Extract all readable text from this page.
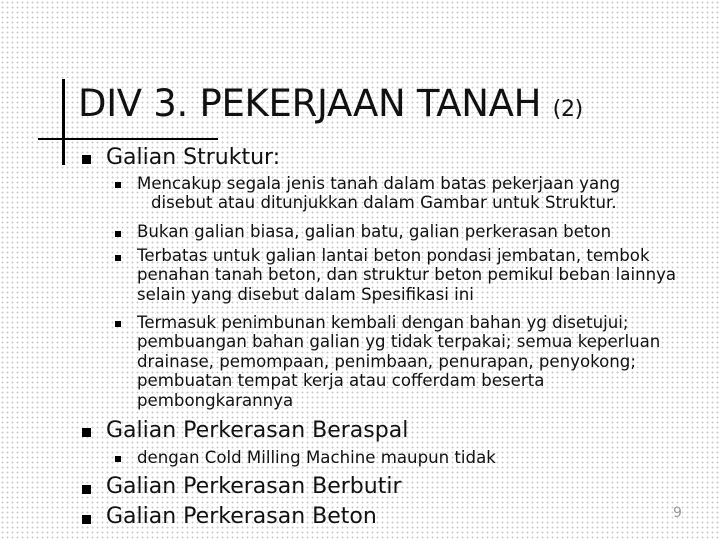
DIV 3. PEKERJAAN TANAH (2)
Galian Struktur:
Mencakup segala jenis tanah dalam batas pekerjaan yang
disebut atau ditunjukkan dalam Gambar untuk Struktur.
Bukan galian biasa, galian batu, galian perkerasan beton
Terbatas untuk galian lantai beton pondasi jembatan, tembok
penahan tanah beton, dan struktur beton pemikul beban lainnya
selain yang disebut dalam Spesifikasi ini
Termasuk penimbunan kembali dengan bahan yg disetujui;
pembuangan bahan galian yg tidak terpakai; semua keperluan
drainase, pemompaan, penimbaan, penurapan, penyokong;
pembuatan tempat kerja atau cofferdam beserta
pembongkarannya
Galian Perkerasan Beraspal
dengan Cold Milling Machine maupun tidak
Galian Perkerasan Berbutir
Galian Perkerasan Beton	9
